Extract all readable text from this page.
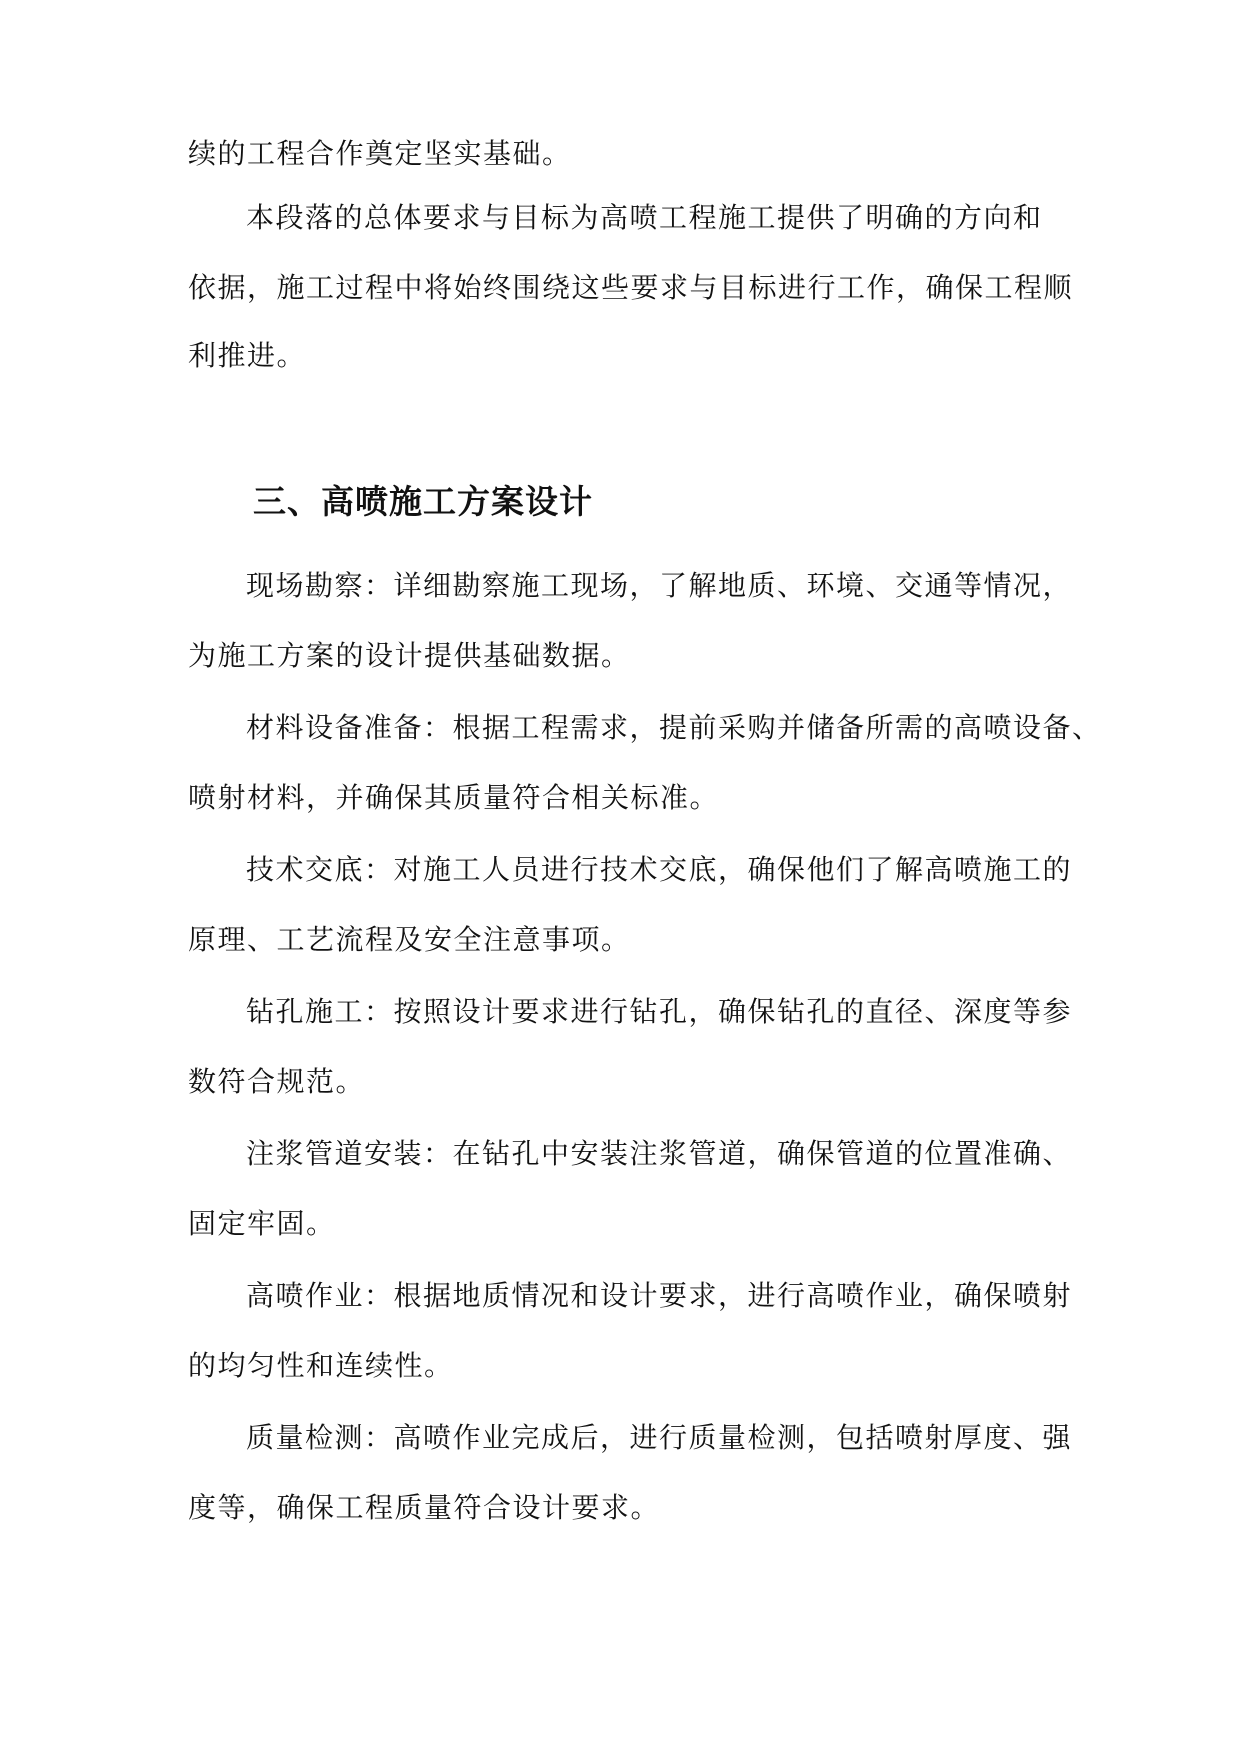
续的工程合作奠定坚实基础。

本段落的总体要求与目标为高喷工程施工提供了明确的方向和

依据，施工过程中将始终围绕这些要求与目标进行工作，确保工程顺

利推进。

三、高喷施工方案设计

现场勘察：详细勘察施工现场，了解地质、环境、交通等情况，

为施工方案的设计提供基础数据。

材料设备准备：根据工程需求，提前采购并储备所需的高喷设备、

喷射材料，并确保其质量符合相关标准。

技术交底：对施工人员进行技术交底，确保他们了解高喷施工的

原理、工艺流程及安全注意事项。

钻孔施工：按照设计要求进行钻孔，确保钻孔的直径、深度等参

数符合规范。

注浆管道安装：在钻孔中安装注浆管道，确保管道的位置准确、

固定牢固。

高喷作业：根据地质情况和设计要求，进行高喷作业，确保喷射

的均匀性和连续性。

质量检测：高喷作业完成后，进行质量检测，包括喷射厚度、强

度等，确保工程质量符合设计要求。
